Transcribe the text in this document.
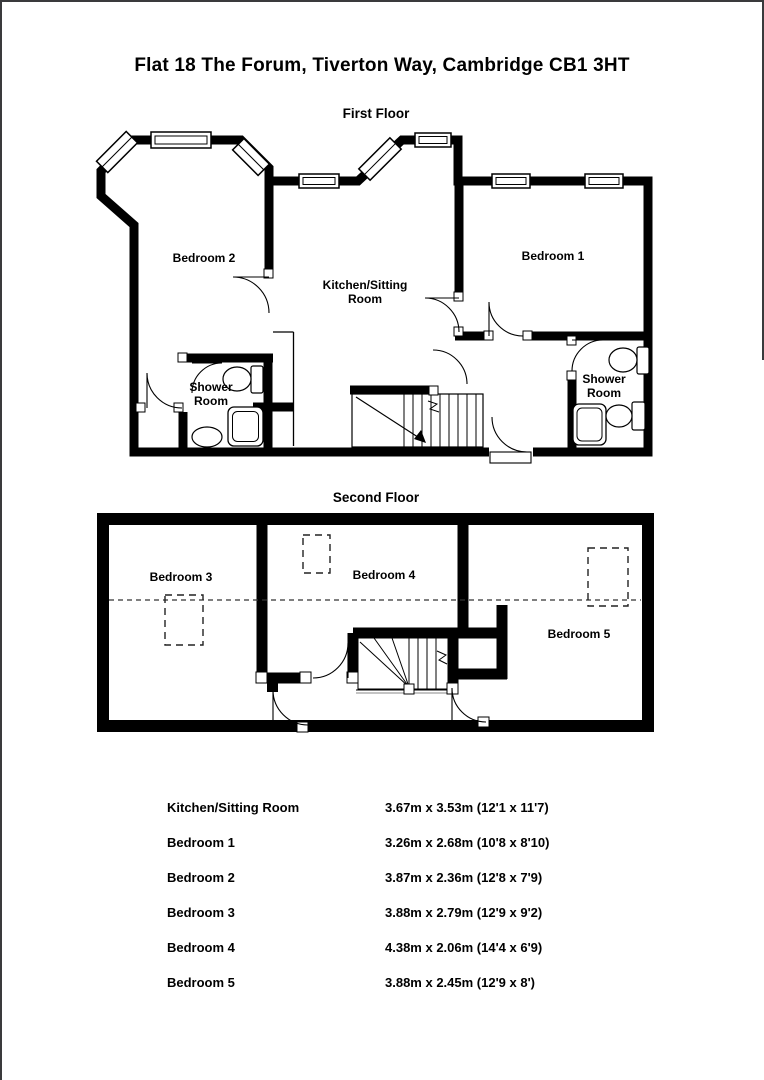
Flat 18 The Forum, Tiverton Way, Cambridge CB1 3HT
First Floor
Second Floor
Bedroom 2	Bedroom 1
Kitchen/Sitting
Room
Shower
Room
Shower
Room
Bedroom 3	Bedroom 4
Bedroom 5
Kitchen/Sitting Room	3.67m x 3.53m (12'1 x 11'7)
Bedroom 1	3.26m x 2.68m (10'8 x 8'10)
Bedroom 2	3.87m x 2.36m (12'8 x 7'9)
Bedroom 3	3.88m x 2.79m (12'9 x 9'2)
Bedroom 4	4.38m x 2.06m (14'4 x 6'9)
Bedroom 5	3.88m x 2.45m (12'9 x 8')
